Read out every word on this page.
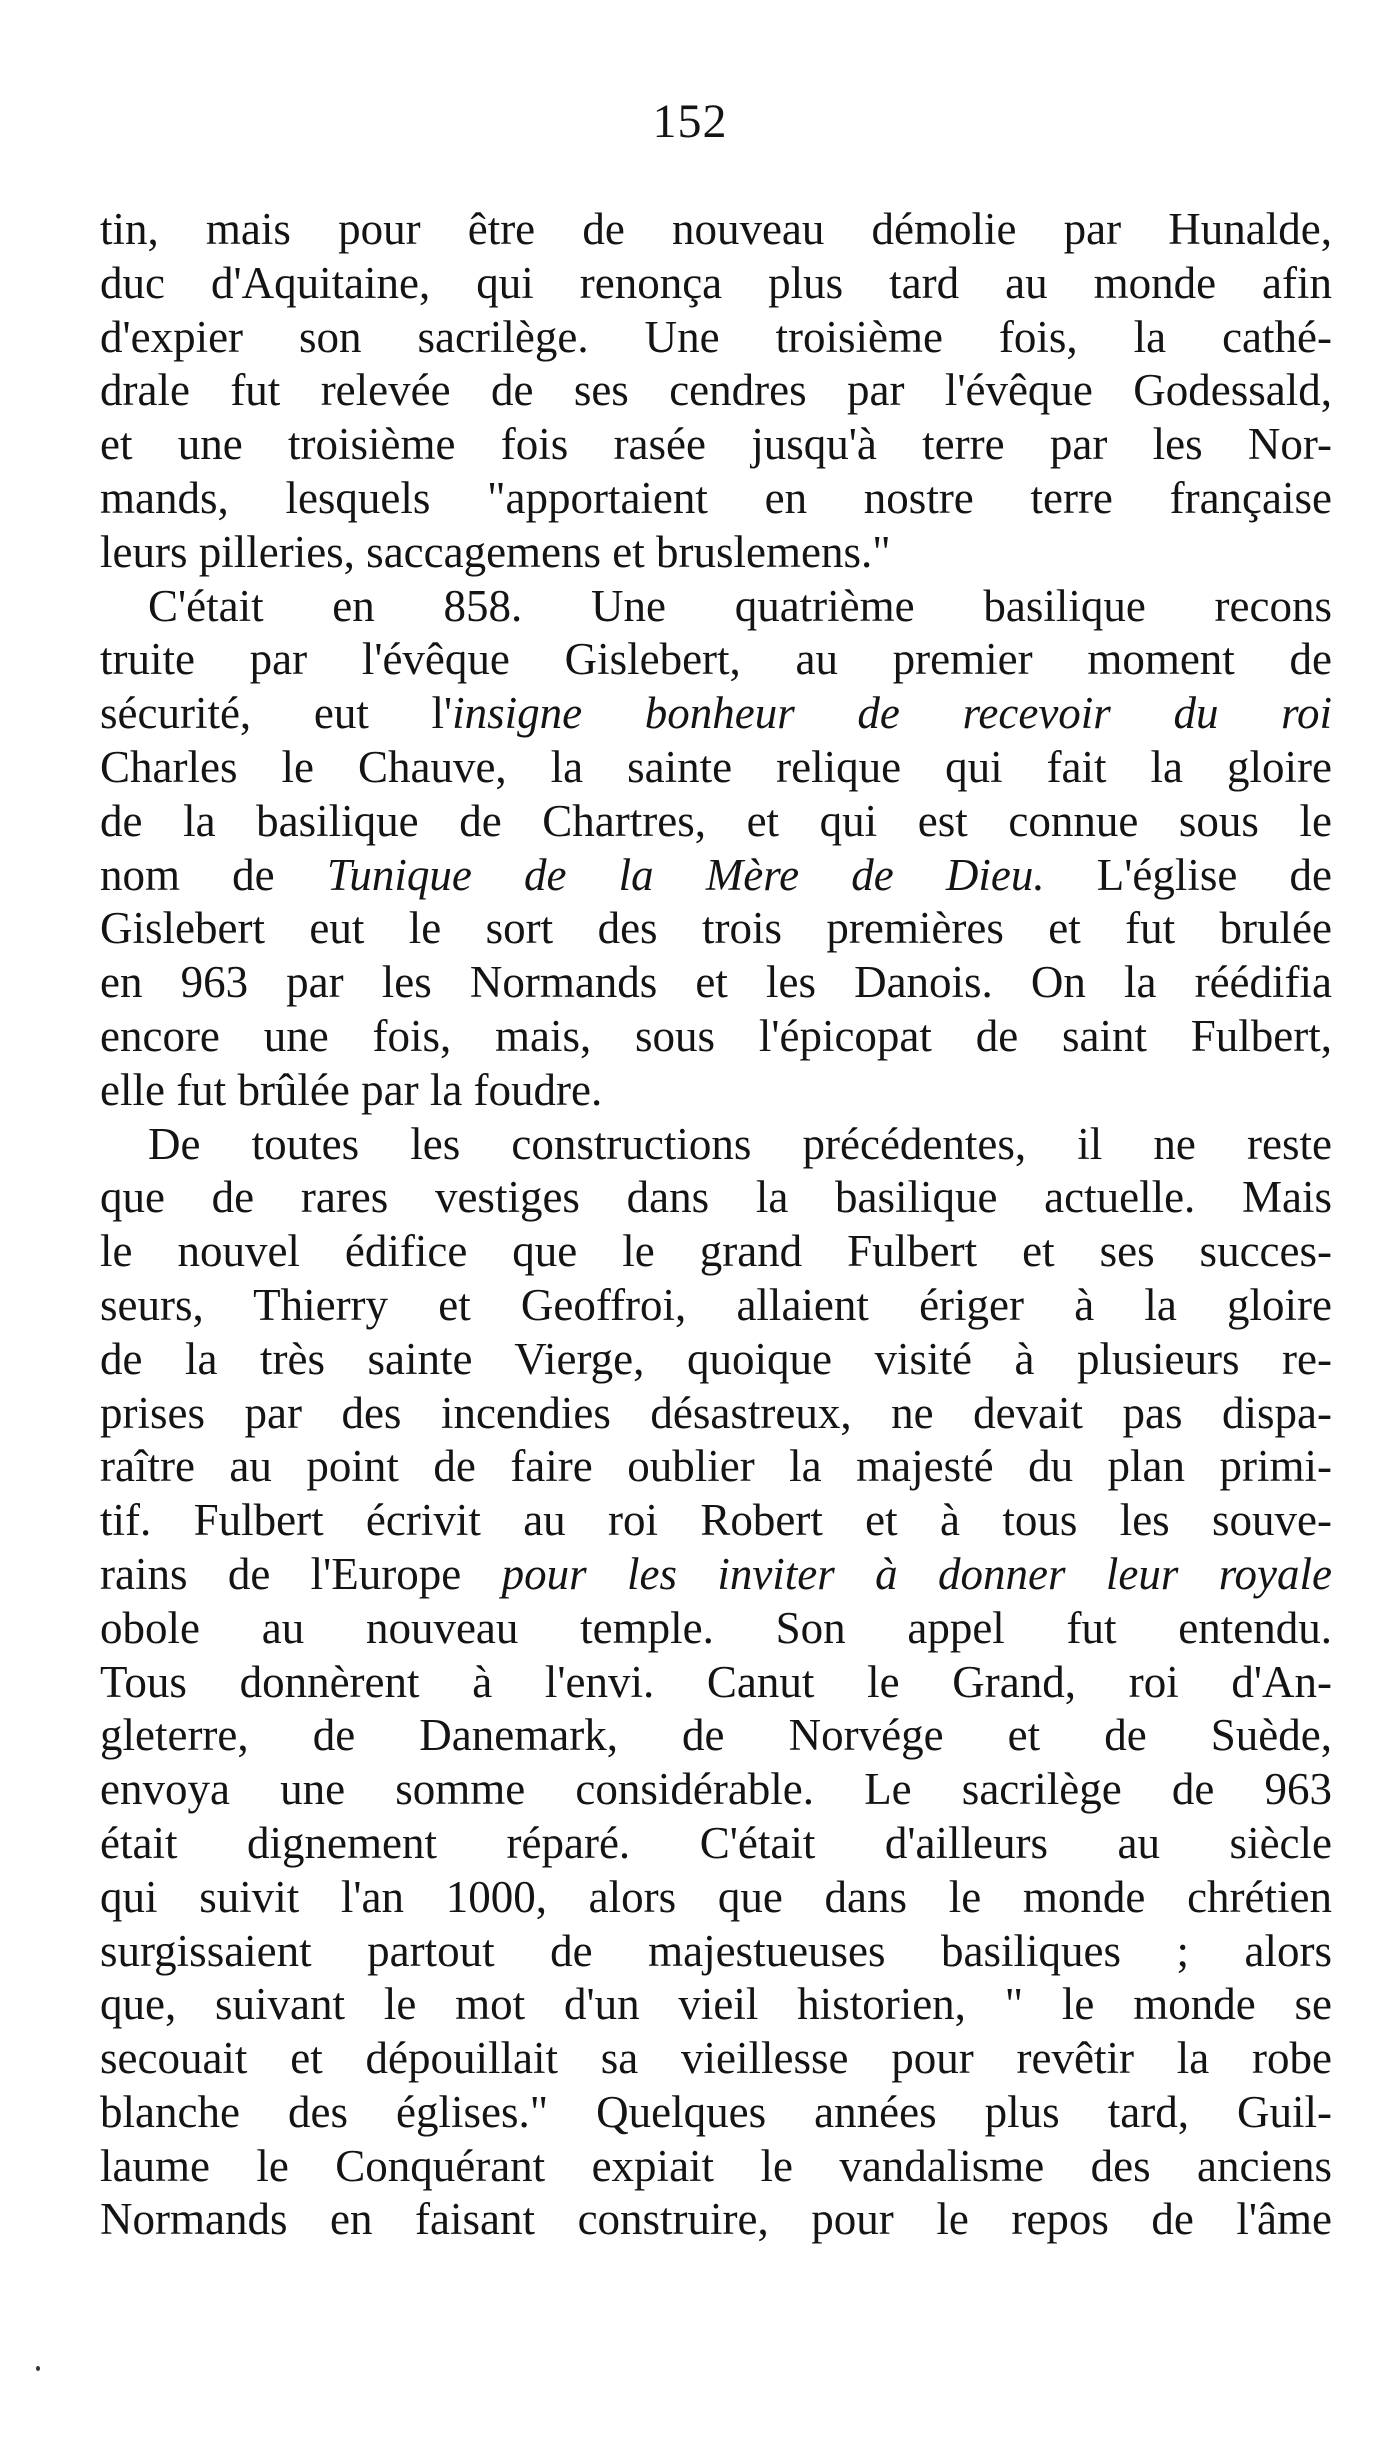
152
tin, mais pour être de nouveau démolie par Hunalde,
duc d'Aquitaine, qui renonça plus tard au monde afin
d'expier son sacrilège. Une troisième fois, la cathé-
drale fut relevée de ses cendres par l'évêque Godessald,
et une troisième fois rasée jusqu'à terre par les Nor-
mands, lesquels "apportaient en nostre terre française
leurs pilleries, saccagemens et bruslemens."
C'était en 858. Une quatrième basilique recons
truite par l'évêque Gislebert, au premier moment de
sécurité, eut l'insigne bonheur de recevoir du roi
Charles le Chauve, la sainte relique qui fait la gloire
de la basilique de Chartres, et qui est connue sous le
nom de Tunique de la Mère de Dieu. L'église de
Gislebert eut le sort des trois premières et fut brulée
en 963 par les Normands et les Danois. On la réédifia
encore une fois, mais, sous l'épicopat de saint Fulbert,
elle fut brûlée par la foudre.
De toutes les constructions précédentes, il ne reste
que de rares vestiges dans la basilique actuelle. Mais
le nouvel édifice que le grand Fulbert et ses succes-
seurs, Thierry et Geoffroi, allaient ériger à la gloire
de la très sainte Vierge, quoique visité à plusieurs re-
prises par des incendies désastreux, ne devait pas dispa-
raître au point de faire oublier la majesté du plan primi-
tif. Fulbert écrivit au roi Robert et à tous les souve-
rains de l'Europe pour les inviter à donner leur royale
obole au nouveau temple. Son appel fut entendu.
Tous donnèrent à l'envi. Canut le Grand, roi d'An-
gleterre, de Danemark, de Norvége et de Suède,
envoya une somme considérable. Le sacrilège de 963
était dignement réparé. C'était d'ailleurs au siècle
qui suivit l'an 1000, alors que dans le monde chrétien
surgissaient partout de majestueuses basiliques ; alors
que, suivant le mot d'un vieil historien, " le monde se
secouait et dépouillait sa vieillesse pour revêtir la robe
blanche des églises." Quelques années plus tard, Guil-
laume le Conquérant expiait le vandalisme des anciens
Normands en faisant construire, pour le repos de l'âme
